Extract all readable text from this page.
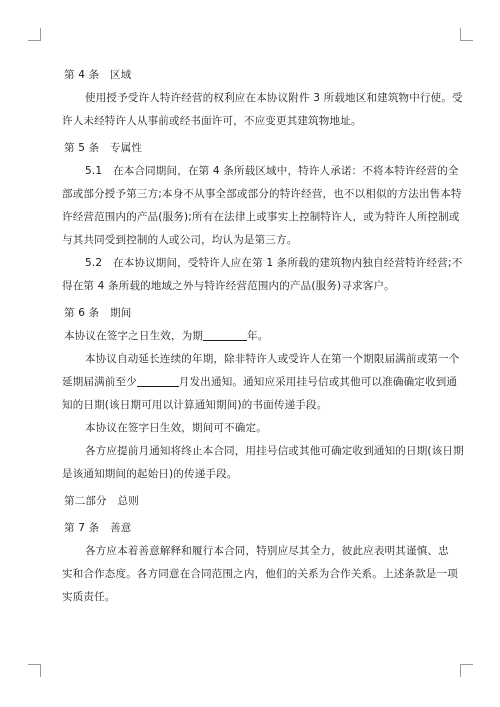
第 4 条　区域
使用授予受许人特许经营的权利应在本协议附件 3 所载地区和建筑物中行使。受
许人未经特许人从事前或经书面许可，不应变更其建筑物地址。
第 5 条　专属性
5.1　在本合同期间，在第 4 条所载区域中，特许人承诺：不将本特许经营的全
部或部分授予第三方;本身不从事全部或部分的特许经营，也不以相似的方法出售本特
许经营范围内的产品(服务);所有在法律上或事实上控制特许人，或为特许人所控制或
与其共同受到控制的人或公司，均认为是第三方。
5.2　在本协议期间，受特许人应在第 1 条所载的建筑物内独自经营特许经营;不
得在第 4 条所载的地域之外与特许经营范围内的产品(服务)寻求客户。
第 6 条　期间
本协议在签字之日生效，为期	年。
本协议自动延长连续的年期，除非特许人或受许人在第一个期限届满前或第一个
延期届满前至少	月发出通知。通知应采用挂号信或其他可以准确确定收到通
知的日期(该日期可用以计算通知期间)的书面传递手段。
本协议在签字日生效，期间可不确定。
各方应提前月通知将终止本合同，用挂号信或其他可确定收到通知的日期(该日期
是该通知期间的起始日)的传递手段。
第二部分　总则
第 7 条　善意
各方应本着善意解释和履行本合同，特别应尽其全力，彼此应表明其谨慎、忠
实和合作态度。各方同意在合同范围之内，他们的关系为合作关系。上述条款是一项
实质责任。
